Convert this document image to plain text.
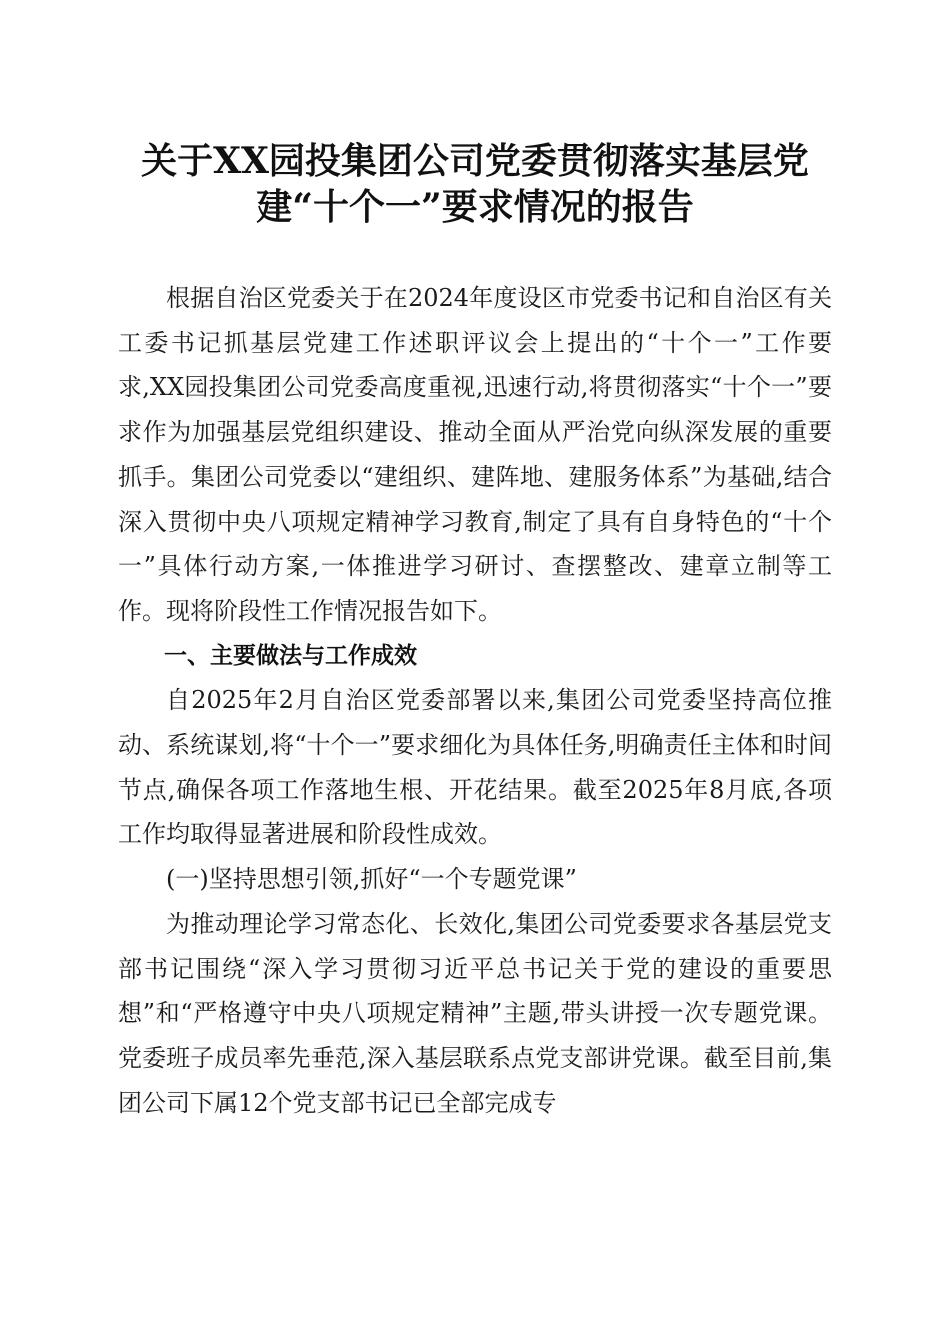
关于XX园投集团公司党委贯彻落实基层党
建“十个一”要求情况的报告

根据自治区党委关于在2024年度设区市党委书记和自治区有关工委书记抓基层党建工作述职评议会上提出的“十个一”工作要求,XX园投集团公司党委高度重视,迅速行动,将贯彻落实“十个一”要求作为加强基层党组织建设、推动全面从严治党向纵深发展的重要抓手。集团公司党委以“建组织、建阵地、建服务体系”为基础,结合深入贯彻中央八项规定精神学习教育,制定了具有自身特色的“十个一”具体行动方案,一体推进学习研讨、查摆整改、建章立制等工作。现将阶段性工作情况报告如下。

一、主要做法与工作成效

自2025年2月自治区党委部署以来,集团公司党委坚持高位推动、系统谋划,将“十个一”要求细化为具体任务,明确责任主体和时间节点,确保各项工作落地生根、开花结果。截至2025年8月底,各项工作均取得显著进展和阶段性成效。

(一)坚持思想引领,抓好“一个专题党课”

为推动理论学习常态化、长效化,集团公司党委要求各基层党支部书记围绕“深入学习贯彻习近平总书记关于党的建设的重要思想”和“严格遵守中央八项规定精神”主题,带头讲授一次专题党课。党委班子成员率先垂范,深入基层联系点党支部讲党课。截至目前,集团公司下属12个党支部书记已全部完成专
